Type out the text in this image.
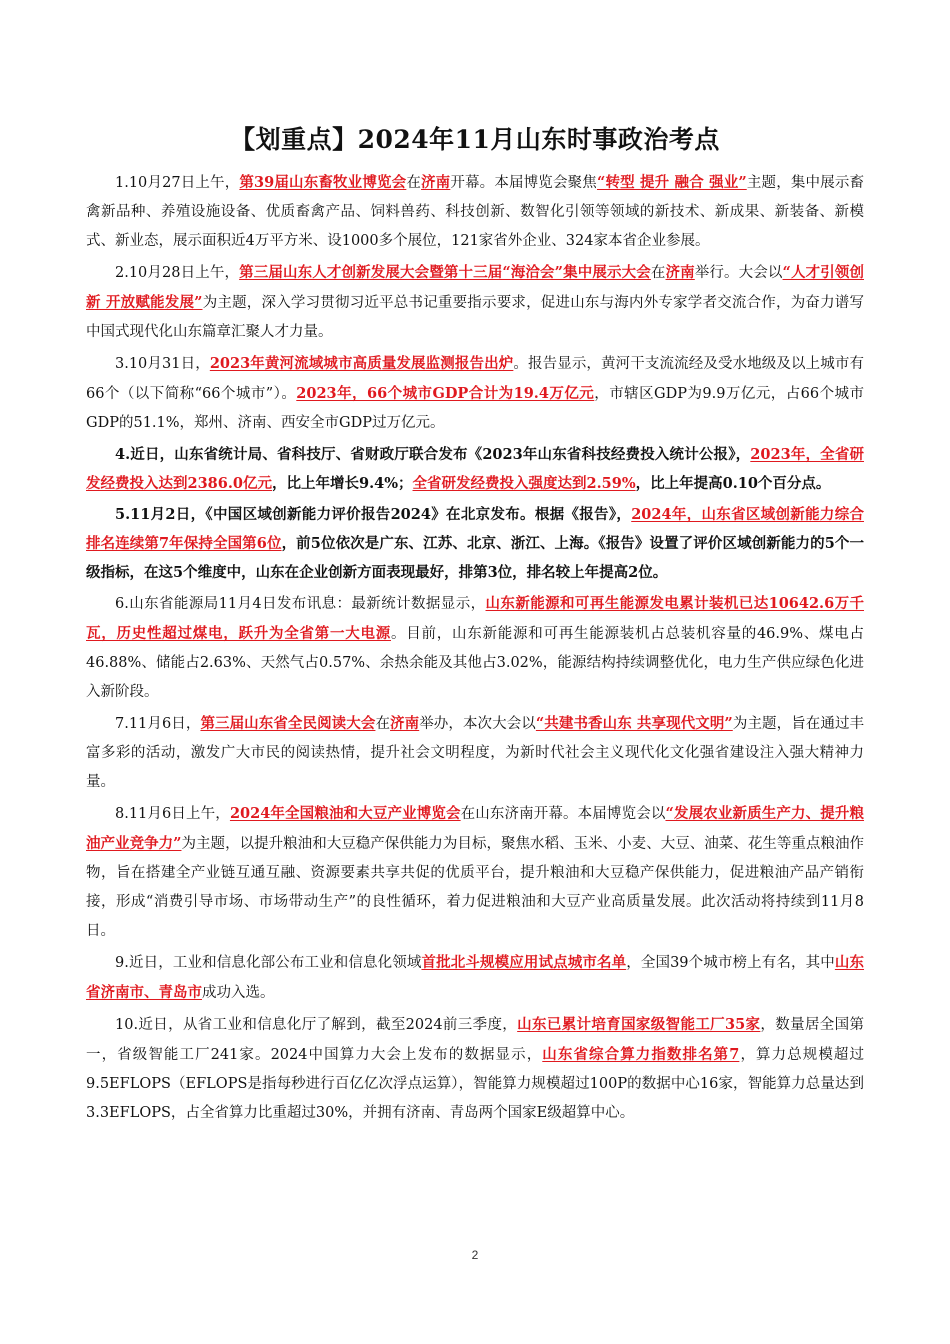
【划重点】2024年11月山东时事政治考点

1.10月27日上午，第39届山东畜牧业博览会在济南开幕。本届博览会聚焦“转型 提升 融合 强业”主题，集中展示畜禽新品种、养殖设施设备、优质畜禽产品、饲料兽药、科技创新、数智化引领等领域的新技术、新成果、新装备、新模式、新业态，展示面积近4万平方米、设1000多个展位，121家省外企业、324家本省企业参展。

2.10月28日上午，第三届山东人才创新发展大会暨第十三届“海洽会”集中展示大会在济南举行。大会以“人才引领创新 开放赋能发展”为主题，深入学习贯彻习近平总书记重要指示要求，促进山东与海内外专家学者交流合作，为奋力谱写中国式现代化山东篇章汇聚人才力量。

3.10月31日，2023年黄河流域城市高质量发展监测报告出炉。报告显示，黄河干支流流经及受水地级及以上城市有66个（以下简称“66个城市”）。2023年，66个城市GDP合计为19.4万亿元，市辖区GDP为9.9万亿元，占66个城市GDP的51.1%，郑州、济南、西安全市GDP过万亿元。

4.近日，山东省统计局、省科技厅、省财政厅联合发布《2023年山东省科技经费投入统计公报》，2023年，全省研发经费投入达到2386.0亿元，比上年增长9.4%；全省研发经费投入强度达到2.59%，比上年提高0.10个百分点。

5.11月2日，《中国区域创新能力评价报告2024》在北京发布。根据《报告》，2024年，山东省区域创新能力综合排名连续第7年保持全国第6位，前5位依次是广东、江苏、北京、浙江、上海。《报告》设置了评价区域创新能力的5个一级指标，在这5个维度中，山东在企业创新方面表现最好，排第3位，排名较上年提高2位。

6.山东省能源局11月4日发布讯息：最新统计数据显示，山东新能源和可再生能源发电累计装机已达10642.6万千瓦，历史性超过煤电，跃升为全省第一大电源。目前，山东新能源和可再生能源装机占总装机容量的46.9%、煤电占46.88%、储能占2.63%、天然气占0.57%、余热余能及其他占3.02%，能源结构持续调整优化，电力生产供应绿色化进入新阶段。

7.11月6日，第三届山东省全民阅读大会在济南举办，本次大会以“共建书香山东 共享现代文明”为主题，旨在通过丰富多彩的活动，激发广大市民的阅读热情，提升社会文明程度，为新时代社会主义现代化文化强省建设注入强大精神力量。

8.11月6日上午，2024年全国粮油和大豆产业博览会在山东济南开幕。本届博览会以“发展农业新质生产力、提升粮油产业竞争力”为主题，以提升粮油和大豆稳产保供能力为目标，聚焦水稻、玉米、小麦、大豆、油菜、花生等重点粮油作物，旨在搭建全产业链互通互融、资源要素共享共促的优质平台，提升粮油和大豆稳产保供能力，促进粮油产品产销衔接，形成“消费引导市场、市场带动生产”的良性循环，着力促进粮油和大豆产业高质量发展。此次活动将持续到11月8日。

9.近日，工业和信息化部公布工业和信息化领域首批北斗规模应用试点城市名单，全国39个城市榜上有名，其中山东省济南市、青岛市成功入选。

10.近日，从省工业和信息化厅了解到，截至2024前三季度，山东已累计培育国家级智能工厂35家，数量居全国第一，省级智能工厂241家。2024中国算力大会上发布的数据显示，山东省综合算力指数排名第7，算力总规模超过9.5EFLOPS（EFLOPS是指每秒进行百亿亿次浮点运算），智能算力规模超过100P的数据中心16家，智能算力总量达到3.3EFLOPS，占全省算力比重超过30%，并拥有济南、青岛两个国家E级超算中心。

2
